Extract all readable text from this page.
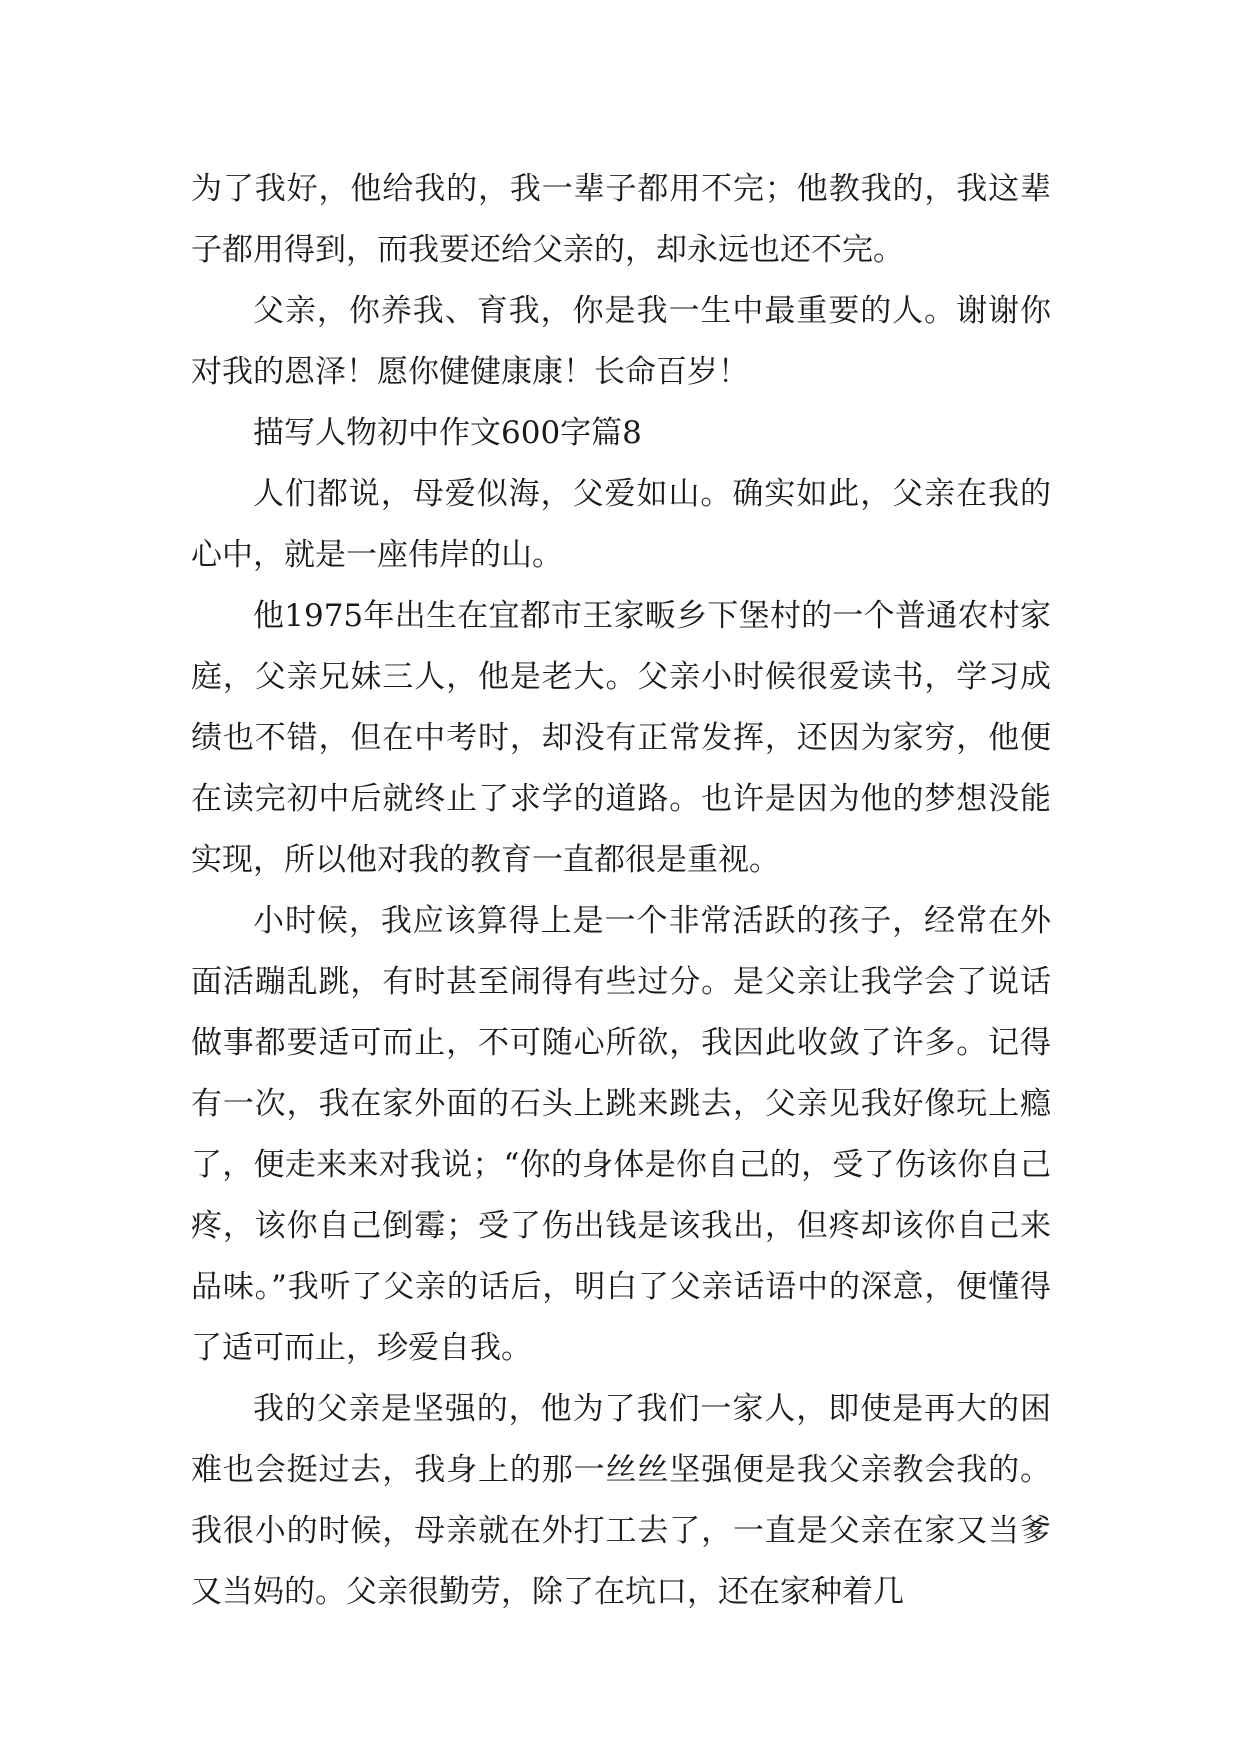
为了我好，他给我的，我一辈子都用不完；他教我的，我这辈子都用得到，而我要还给父亲的，却永远也还不完。

父亲，你养我、育我，你是我一生中最重要的人。谢谢你对我的恩泽！愿你健健康康！长命百岁！

描写人物初中作文600字篇8

人们都说，母爱似海，父爱如山。确实如此，父亲在我的心中，就是一座伟岸的山。

他1975年出生在宜都市王家畈乡下堡村的一个普通农村家庭，父亲兄妹三人，他是老大。父亲小时候很爱读书，学习成绩也不错，但在中考时，却没有正常发挥，还因为家穷，他便在读完初中后就终止了求学的道路。也许是因为他的梦想没能实现，所以他对我的教育一直都很是重视。

小时候，我应该算得上是一个非常活跃的孩子，经常在外面活蹦乱跳，有时甚至闹得有些过分。是父亲让我学会了说话做事都要适可而止，不可随心所欲，我因此收敛了许多。记得有一次，我在家外面的石头上跳来跳去，父亲见我好像玩上瘾了，便走来来对我说；“你的身体是你自己的，受了伤该你自己疼，该你自己倒霉；受了伤出钱是该我出，但疼却该你自己来品味。”我听了父亲的话后，明白了父亲话语中的深意，便懂得了适可而止，珍爱自我。

我的父亲是坚强的，他为了我们一家人，即使是再大的困难也会挺过去，我身上的那一丝丝坚强便是我父亲教会我的。我很小的时候，母亲就在外打工去了，一直是父亲在家又当爹又当妈的。父亲很勤劳，除了在坑口，还在家种着几
